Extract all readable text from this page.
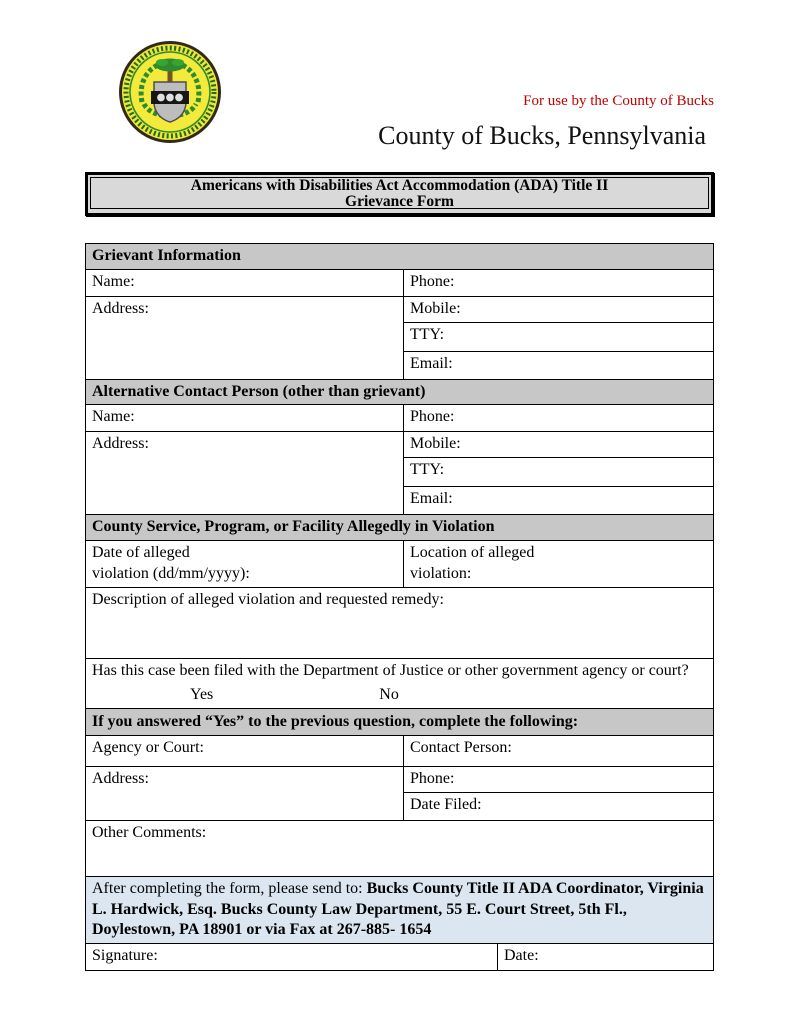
For use by the County of Bucks
County of Bucks, Pennsylvania
Americans with Disabilities Act Accommodation (ADA) Title II
Grievance Form
Grievant Information		
Name:	Phone:	
Address:	Mobile:	
	TTY:	
	Email:	
Alternative Contact Person (other than grievant)		
Name:	Phone:	
Address:	Mobile:	
	TTY:	
	Email:	
County Service, Program, or Facility Allegedly in Violation		

Date of alleged
violation (dd/mm/yyyy):

Location of alleged
violation:

Description of alleged violation and requested remedy:		

Has this case been filed with the Department of Justice or other government agency or court?
Yes No		

If you answered “Yes” to the previous question, complete the following:		
Agency or Court:	Contact Person:	
Address:	Phone:	
	Date Filed:	
Other Comments:		
After completing the form, please send to: Bucks County Title II ADA Coordinator, Virginia L. Hardwick, Esq. Bucks County Law Department, 55 E. Court Street, 5th Fl., Doylestown, PA 18901 or via Fax at 267-885- 1654		
Signature:		Date:
